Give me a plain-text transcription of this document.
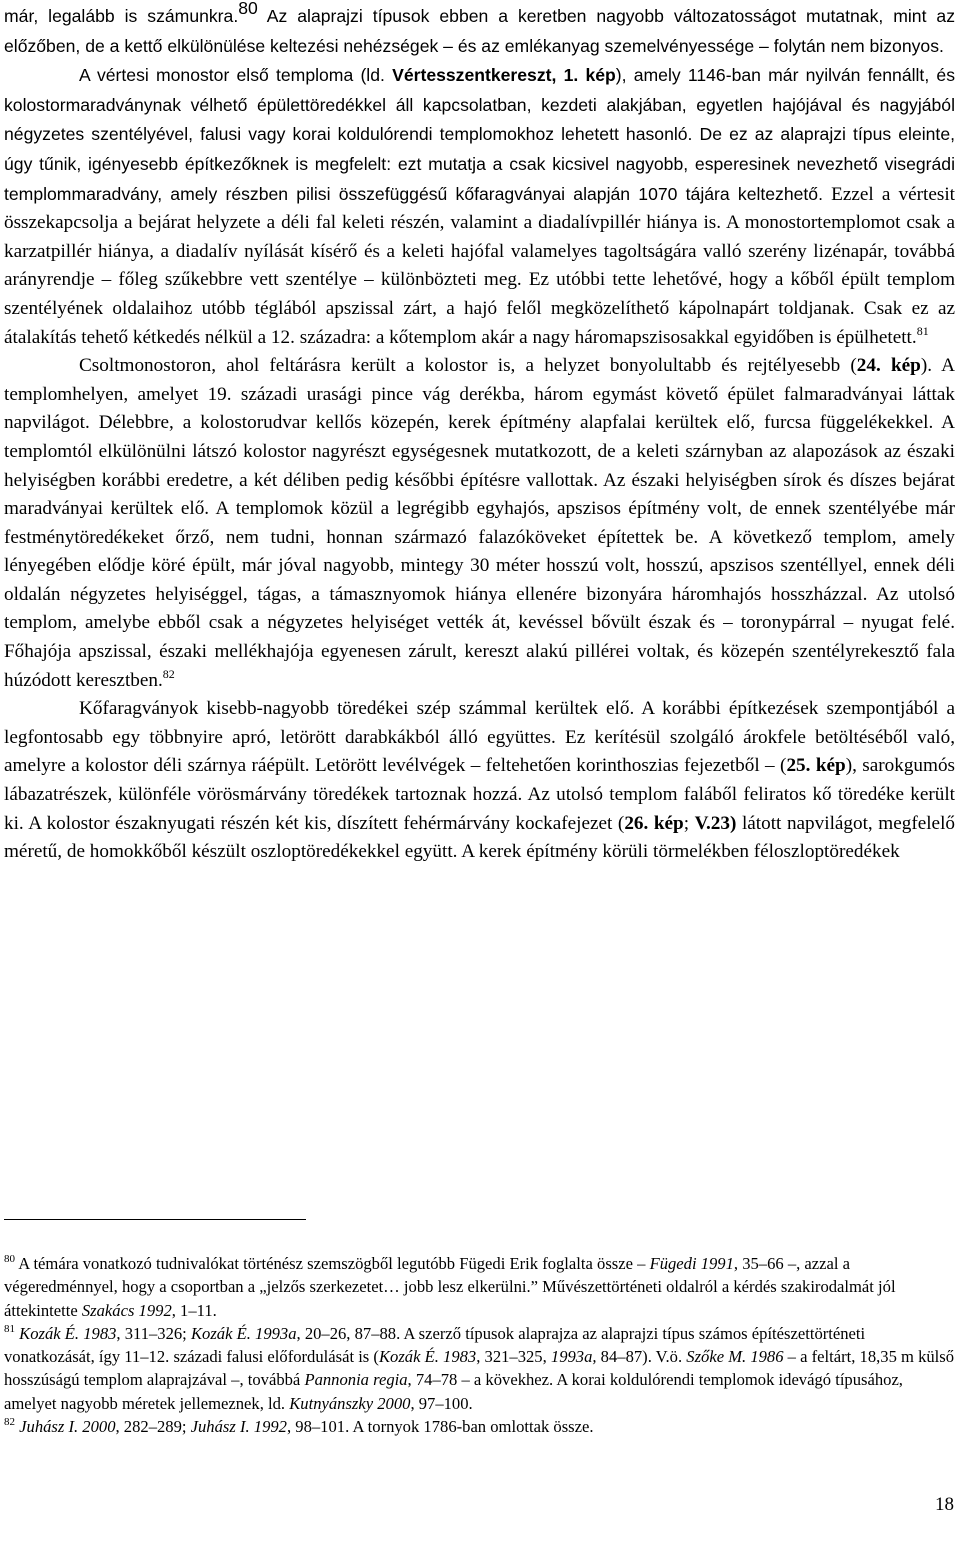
már, legalább is számunkra.$^{80}$ Az alaprajzi típusok ebben a keretben nagyobb változatosságot mutatnak, mint az előzőben, de a kettő elkülönülése keltezési nehézségek – és az emlékanyag szemelvényessége – folytán nem bizonyos.

A vértesi monostor első temploma (ld. Vértesszentkereszt, 1. kép), amely 1146-ban már nyilván fennállt, és kolostormaradványnak vélhető épülettöredékkel áll kapcsolatban, kezdeti alakjában, egyetlen hajójával és nagyjából négyzetes szentélyével, falusi vagy korai koldulórendi templomokhoz lehetett hasonló. De ez az alaprajzi típus eleinte, úgy tűnik, igényesebb építkezőknek is megfelelt: ezt mutatja a csak kicsivel nagyobb, esperesinek nevezhető visegrádi templommaradvány, amely részben pilisi összefüggésű kőfaragványai alapján 1070 tájára keltezhető. Ezzel a vértesit összekapcsolja a bejárat helyzete a déli fal keleti részén, valamint a diadalívpillér hiánya is. A monostortemplomot csak a karzatpillér hiánya, a diadalív nyílását kísérő és a keleti hajófal valamelyes tagoltságára valló szerény lizénapár, továbbá arányrendje – főleg szűkebbre vett szentélye – különbözteti meg. Ez utóbbi tette lehetővé, hogy a kőből épült templom szentélyének oldalaihoz utóbb téglából apszissal zárt, a hajó felől megközelíthető kápolnapárt toldjanak. Csak ez az átalakítás tehető kétkedés nélkül a 12. századra: a kőtemplom akár a nagy háromapszisosakkal egyidőben is épülhetett.$^{81}$

Csoltmonostoron, ahol feltárásra került a kolostor is, a helyzet bonyolultabb és rejtélyesebb (24. kép). A templomhelyen, amelyet 19. századi urasági pince vág derékba, három egymást követő épület falmaradványai láttak napvilágot. Délebbre, a kolostorudvar kellős közepén, kerek építmény alapfalai kerültek elő, furcsa függelékekkel. A templomtól elkülönülni látszó kolostor nagyrészt egységesnek mutatkozott, de a keleti szárnyban az alapozások az északi helyiségben korábbi eredetre, a két déliben pedig későbbi építésre vallottak. Az északi helyiségben sírok és díszes bejárat maradványai kerültek elő. A templomok közül a legrégibb egyhajós, apszisos építmény volt, de ennek szentélyébe már festménytöredékeket őrző, nem tudni, honnan származó falazóköveket építettek be. A következő templom, amely lényegében elődje köré épült, már jóval nagyobb, mintegy 30 méter hosszú volt, hosszú, apszisos szentéllyel, ennek déli oldalán négyzetes helyiséggel, tágas, a támasznyomok hiánya ellenére bizonyára háromhajós hosszházzal. Az utolsó templom, amelybe ebből csak a négyzetes helyiséget vették át, kevéssel bővült észak és – toronypárral – nyugat felé. Főhajója apszissal, északi mellékhajója egyenesen zárult, kereszt alakú pillérei voltak, és közepén szentélyrekesztő fala húzódott keresztben.$^{82}$

Kőfaragványok kisebb-nagyobb töredékei szép számmal kerültek elő. A korábbi építkezések szempontjából a legfontosabb egy többnyire apró, letörött darabkákból álló együttes. Ez kerítésül szolgáló árokfele betöltéséből való, amelyre a kolostor déli szárnya ráépült. Letörött levélvégek – feltehetően korinthoszias fejezetből – (25. kép), sarokgumós lábazatrészek, különféle vörösmárvány töredékek tartoznak hozzá. Az utolsó templom faláből feliratos kő töredéke került ki. A kolostor északnyugati részén két kis, díszített fehérmárvány kockafejezet (26. kép; V.23) látott napvilágot, megfelelő méretű, de homokkőből készült oszloptöredékekkel együtt. A kerek építmény körüli törmelékben féloszloptöredékek

$^{80}$ A témára vonatkozó tudnivalókat történész szemszögből legutóbb Fügedi Erik foglalta össze – Fügedi 1991, 35–66 –, azzal a végeredménnyel, hogy a csoportban a „jelzős szerkezetet… jobb lesz elkerülni.” Művészettörténeti oldalról a kérdés szakirodalmát jól áttekintette Szakács 1992, 1–11.

$^{81}$ Kozák É. 1983, 311–326; Kozák É. 1993a, 20–26, 87–88. A szerző típusok alaprajza az alaprajzi típus számos építészettörténeti vonatkozását, így 11–12. századi falusi előfordulását is (Kozák É. 1983, 321–325, 1993a, 84–87). V.ö. Szőke M. 1986 – a feltárt, 18,35 m külső hosszúságú templom alaprajzával –, továbbá Pannonia regia, 74–78 – a kövekhez. A korai koldulórendi templomok idevágó típusához, amelyet nagyobb méretek jellemeznek, ld. Kutnyánszky 2000, 97–100.

$^{82}$ Juhász I. 2000, 282–289; Juhász I. 1992, 98–101. A tornyok 1786-ban omlottak össze.

18
